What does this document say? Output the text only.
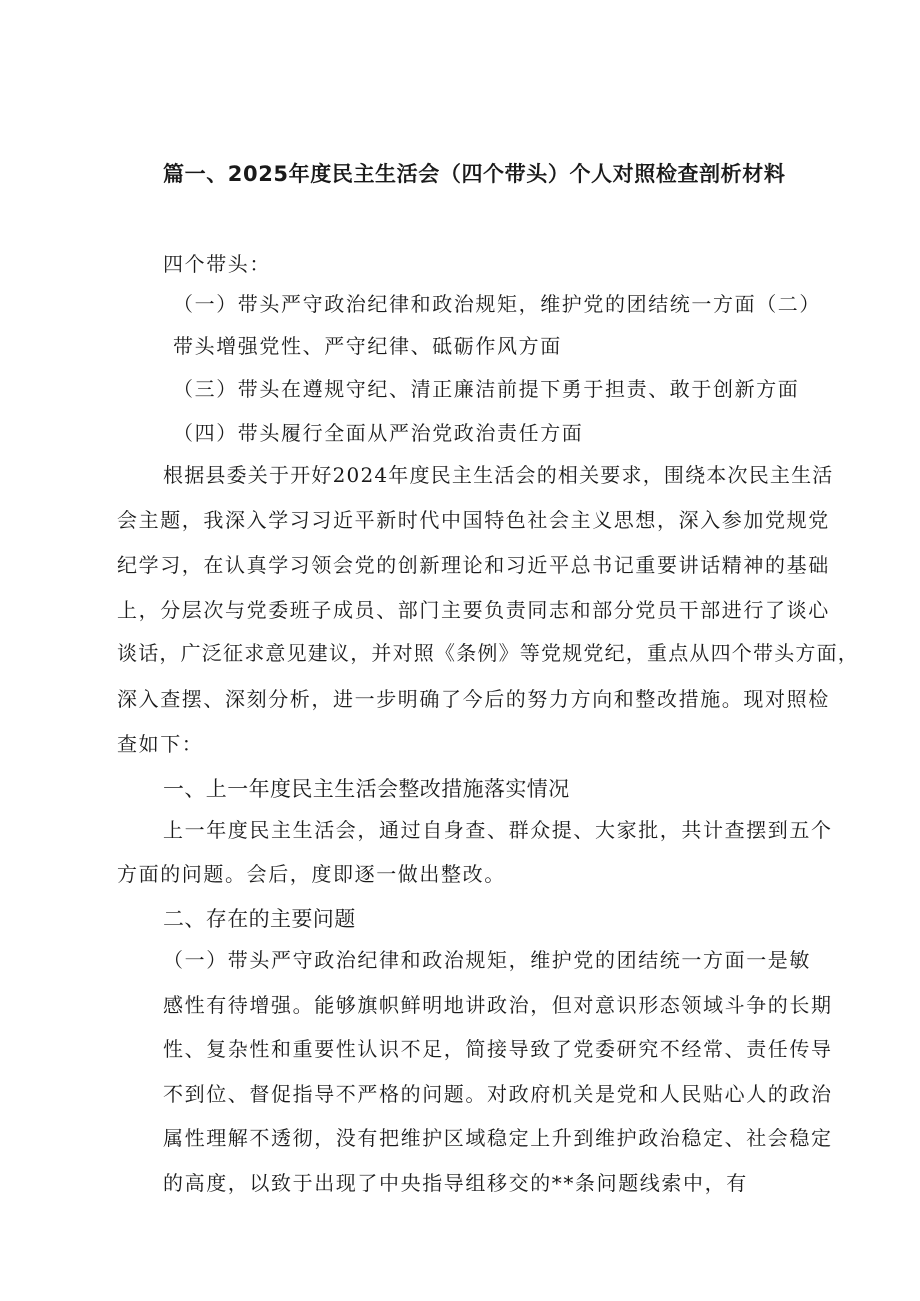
篇一、2025年度民主生活会（四个带头）个人对照检查剖析材料
四个带头：
（一）带头严守政治纪律和政治规矩，维护党的团结统一方面（二）
带头增强党性、严守纪律、砥砺作风方面
（三）带头在遵规守纪、清正廉洁前提下勇于担责、敢于创新方面
（四）带头履行全面从严治党政治责任方面
根据县委关于开好2024年度民主生活会的相关要求，围绕本次民主生活
会主题，我深入学习习近平新时代中国特色社会主义思想，深入参加党规党
纪学习，在认真学习领会党的创新理论和习近平总书记重要讲话精神的基础
上，分层次与党委班子成员、部门主要负责同志和部分党员干部进行了谈心
谈话，广泛征求意见建议，并对照《条例》等党规党纪，重点从四个带头方面，
深入查摆、深刻分析，进一步明确了今后的努力方向和整改措施。现对照检
查如下：
一、上一年度民主生活会整改措施落实情况
上一年度民主生活会，通过自身查、群众提、大家批，共计查摆到五个
方面的问题。会后，度即逐一做出整改。
二、存在的主要问题
（一）带头严守政治纪律和政治规矩，维护党的团结统一方面一是敏
感性有待增强。能够旗帜鲜明地讲政治，但对意识形态领域斗争的长期
性、复杂性和重要性认识不足，简接导致了党委研究不经常、责任传导
不到位、督促指导不严格的问题。对政府机关是党和人民贴心人的政治
属性理解不透彻，没有把维护区域稳定上升到维护政治稳定、社会稳定
的高度，以致于出现了中央指导组移交的**条问题线索中，有
